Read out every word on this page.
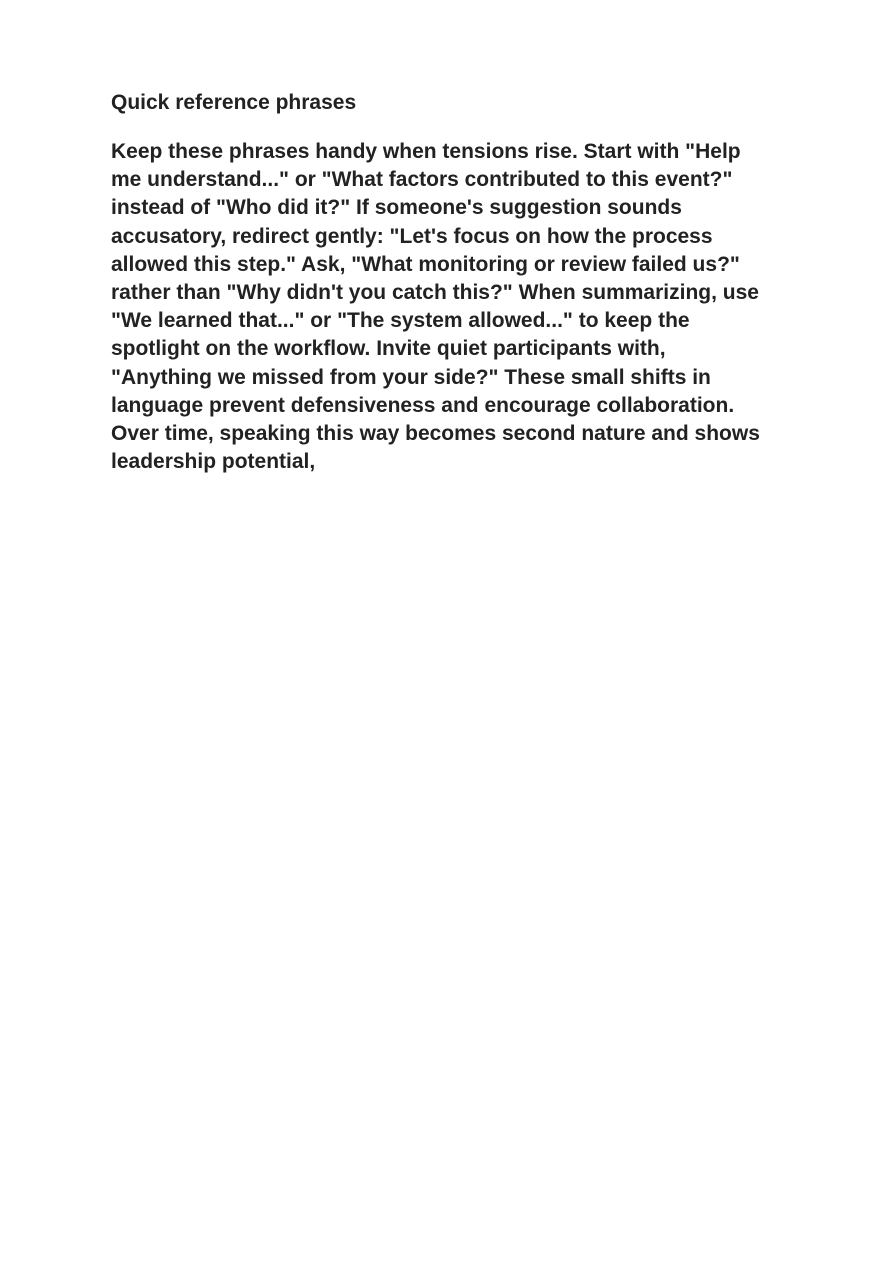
Quick reference phrases

Keep these phrases handy when tensions rise. Start with "Help me understand..." or "What factors contributed to this event?" instead of "Who did it?" If someone's suggestion sounds accusatory, redirect gently: "Let's focus on how the process allowed this step." Ask, "What monitoring or review failed us?" rather than "Why didn't you catch this?" When summarizing, use "We learned that..." or "The system allowed..." to keep the spotlight on the workflow. Invite quiet participants with, "Anything we missed from your side?" These small shifts in language prevent defensiveness and encourage collaboration. Over time, speaking this way becomes second nature and shows leadership potential,
